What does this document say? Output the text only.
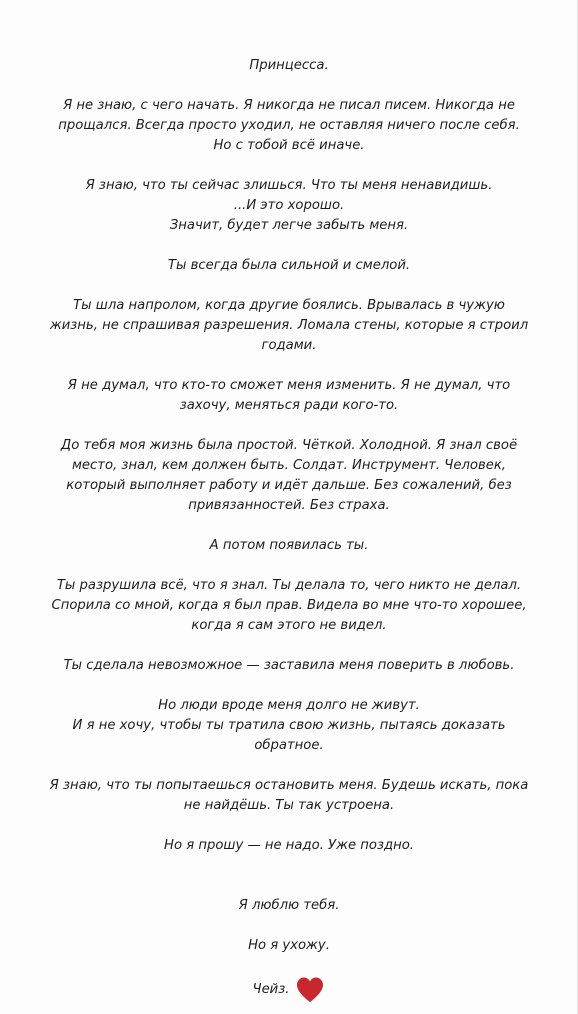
Принцесса.

Я не знаю, с чего начать. Я никогда не писал писем. Никогда не
прощался. Всегда просто уходил, не оставляя ничего после себя.
Но с тобой всё иначе.

Я знаю, что ты сейчас злишься. Что ты меня ненавидишь.
...И это хорошо.
Значит, будет легче забыть меня.

Ты всегда была сильной и смелой.

Ты шла напролом, когда другие боялись. Врывалась в чужую
жизнь, не спрашивая разрешения. Ломала стены, которые я строил
годами.

Я не думал, что кто-то сможет меня изменить. Я не думал, что
захочу, меняться ради кого-то.

До тебя моя жизнь была простой. Чёткой. Холодной. Я знал своё
место, знал, кем должен быть. Солдат. Инструмент. Человек,
который выполняет работу и идёт дальше. Без сожалений, без
привязанностей. Без страха.

А потом появилась ты.

Ты разрушила всё, что я знал. Ты делала то, чего никто не делал.
Спорила со мной, когда я был прав. Видела во мне что-то хорошее,
когда я сам этого не видел.

Ты сделала невозможное — заставила меня поверить в любовь.

Но люди вроде меня долго не живут.
И я не хочу, чтобы ты тратила свою жизнь, пытаясь доказать
обратное.

Я знаю, что ты попытаешься остановить меня. Будешь искать, пока
не найдёшь. Ты так устроена.

Но я прошу — не надо. Уже поздно.

Я люблю тебя.

Но я ухожу.

Чейз.
